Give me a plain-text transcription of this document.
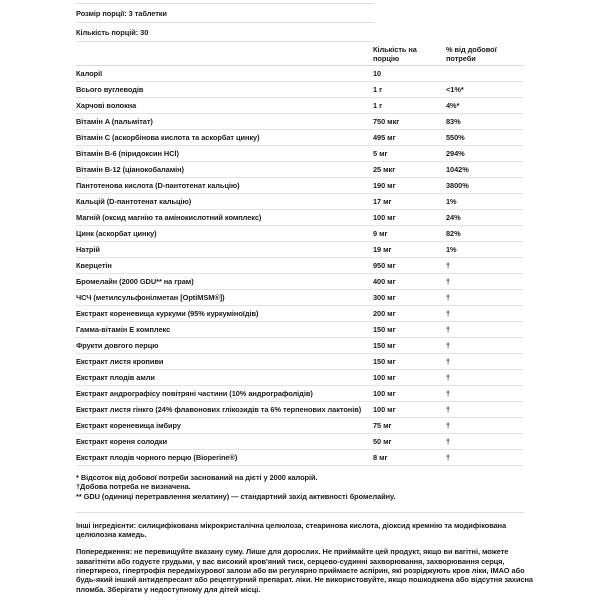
Розмір порції: 3 таблетки
Кількість порцій: 30
Кількість на порцію
% від добової потреби
Калорії	10
Всього вуглеводів	1 г	<1%*
Харчові волокна	1 г	4%*
Вітамін A (пальмітат)	750 мкг	83%
Вітамін C (аскорбінова кислота та аскорбат цинку)	495 мг	550%
Вітамін B-6 (піридоксин HCl)	5 мг	294%
Вітамін B-12 (ціанокобаламін)	25 мкг	1042%
Пантотенова кислота (D-пантотенат кальцію)	190 мг	3800%
Кальцій (D-пантотенат кальцію)	17 мг	1%
Магній (оксид магнію та амінокислотний комплекс)	100 мг	24%
Цинк (аскорбат цинку)	9 мг	82%
Натрій	19 мг	1%
Кверцетін	950 мг	†
Бромелайн (2000 GDU** на грам)	400 мг	†
ЧСЧ (метилсульфонілметан [OptiMSM®])	300 мг	†
Екстракт кореневища куркуми (95% куркуміноїдів)	200 мг	†
Гамма-вітамін E комплекс	150 мг	†
Фрукти довгого перцю	150 мг	†
Екстракт листя кропиви	150 мг	†
Екстракт плодів амли	100 мг	†
Екстракт андрографісу повітряні частини (10% андрографолідів)	100 мг	†
Екстракт листя гінкго (24% флавонових глікозидів та 6% терпенових лактонів)	100 мг	†
Екстракт кореневища імбиру	75 мг	†
Екстракт кореня солодки	50 мг	†
Екстракт плодів чорного перцю (Bioperine®)	8 мг	†
* Відсоток від добової потреби заснований на дієті у 2000 калорій.
†Добова потреба не визначена.
** GDU (одиниці перетравлення желатину) — стандартний захід активності бромелайну.

Інші інгредієнти: силицифікована мікрокристалічна целюлоза, стеаринова кислота, діоксид кремнію та модифікована целюлозна камедь.

Попередження: не перевищуйте вказану суму. Лише для дорослих. Не приймайте цей продукт, якщо ви вагітні, можете завагітніти або годуєте грудьми, у вас високий кров'яний тиск, серцево-судинні захворювання, захворювання серця, гіпертиреоз, гіпертрофія передміхурової залози або ви регулярно приймаєте аспірин, які розріджують кров ліки, ІМАО або будь-який інший антидепресант або рецептурний препарат. ліки. Не використовуйте, якщо пошкоджена або відсутня захисна пломба. Зберігати у недоступному для дітей місці.
